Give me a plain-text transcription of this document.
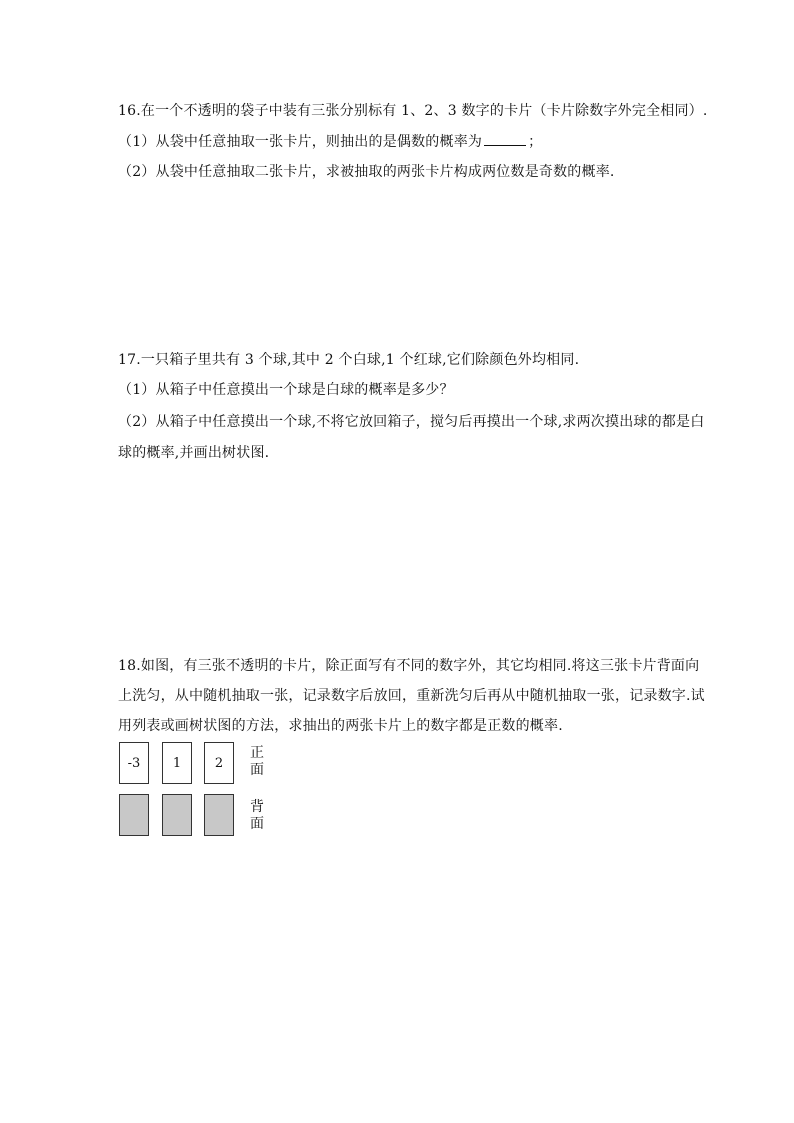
16.在一个不透明的袋子中装有三张分别标有 1、2、3 数字的卡片（卡片除数字外完全相同）.
（1）从袋中任意抽取一张卡片，则抽出的是偶数的概率为	；
（2）从袋中任意抽取二张卡片，求被抽取的两张卡片构成两位数是奇数的概率.
17.一只箱子里共有 3 个球,其中 2 个白球,1 个红球,它们除颜色外均相同.
（1）从箱子中任意摸出一个球是白球的概率是多少？
（2）从箱子中任意摸出一个球,不将它放回箱子，搅匀后再摸出一个球,求两次摸出球的都是白
球的概率,并画出树状图.
18.如图，有三张不透明的卡片，除正面写有不同的数字外，其它均相同.将这三张卡片背面向
上洗匀，从中随机抽取一张，记录数字后放回，重新洗匀后再从中随机抽取一张，记录数字.试
用列表或画树状图的方法，求抽出的两张卡片上的数字都是正数的概率.
-3	1	2
正面
背面
